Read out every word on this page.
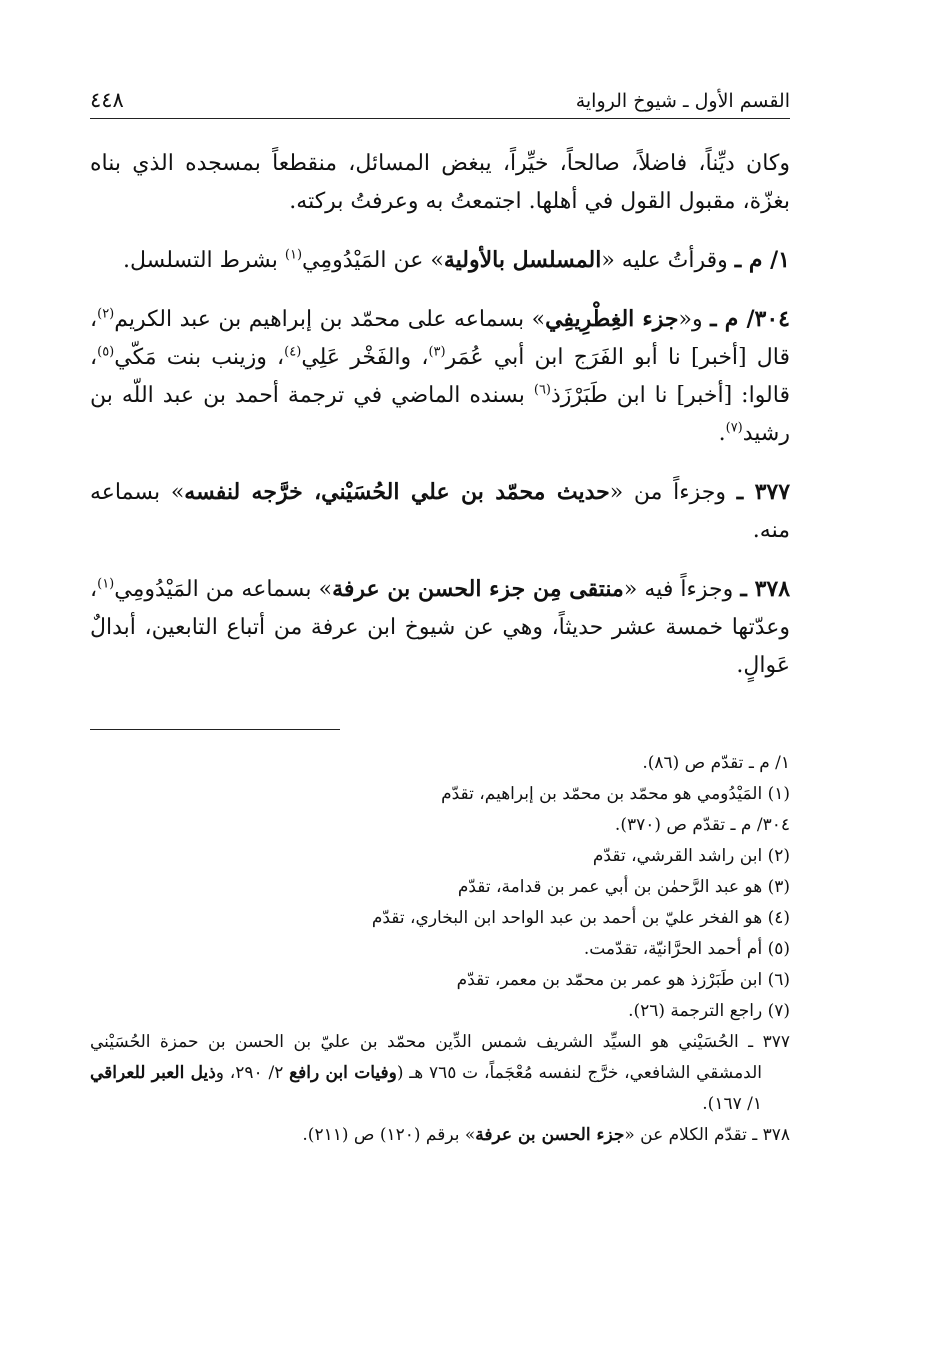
القسم الأول ـ شيوخ الرواية
٤٤٨

وكان ديِّناً، فاضلاً، صالحاً، خيِّراً، يبغض المسائل، منقطعاً بمسجده الذي بناه بغزّة، مقبول القول في أهلها. اجتمعتُ به وعرفتُ بركته.

١/ م ـ وقرأتُ عليه «المسلسل بالأولية» عن المَيْدُومِي$^{(١)}$ بشرط التسلسل.

٣٠٤/ م ـ و«جزء الغِطْرِيفِي» بسماعه على محمّد بن إبراهيم بن عبد الكريم$^{(٢)}$، قال [أخبر] نا أبو الفَرَج ابن أبي عُمَر$^{(٣)}$، والفَخْر عَلِي$^{(٤)}$، وزينب بنت مَكّي$^{(٥)}$، قالوا: [أخبر] نا ابن طَبَرْزَذ$^{(٦)}$ بسنده الماضي في ترجمة أحمد بن عبد اللّه بن رشيد$^{(٧)}$.

٣٧٧ ـ وجزءاً من «حديث محمّد بن علي الحُسَيْني، خرَّجه لنفسه» بسماعه منه.

٣٧٨ ـ وجزءاً فيه «منتقى مِن جزء الحسن بن عرفة» بسماعه من المَيْدُومِي$^{(١)}$، وعدّتها خمسة عشر حديثاً، وهي عن شيوخ ابن عرفة من أتباع التابعين، أبدالٌ عَوالٍ.

١/ م ـ تقدّم ص (٨٦).

(١) المَيْدُومي هو محمّد بن محمّد بن إبراهيم، تقدّم

٣٠٤/ م ـ تقدّم ص (٣٧٠).

(٢) ابن راشد القرشي، تقدّم

(٣) هو عبد الرَّحمٰن بن أبي عمر بن قدامة، تقدّم

(٤) هو الفخر عليّ بن أحمد بن عبد الواحد ابن البخاري، تقدّم

(٥) أم أحمد الحرَّانيّة، تقدّمت.

(٦) ابن طَبَرْزذ هو عمر بن محمّد بن معمر، تقدّم

(٧) راجع الترجمة (٢٦).

٣٧٧ ـ الحُسَيْني هو السيِّد الشريف شمس الدِّين محمّد بن عليّ بن الحسن بن حمزة الحُسَيْني الدمشقي الشافعي، خرَّج لنفسه مُعْجَماً، ت ٧٦٥ هـ (وفيات ابن رافع ٢/ ٢٩٠، وذيل العبر للعراقي ١/ ١٦٧).

٣٧٨ ـ تقدّم الكلام عن «جزء الحسن بن عرفة» برقم (١٢٠) ص (٢١١).
